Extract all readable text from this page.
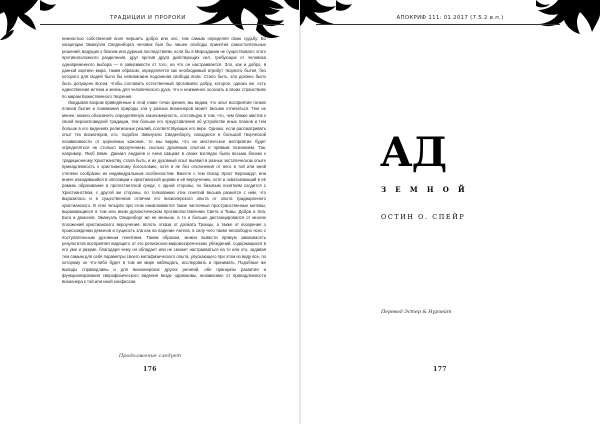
ТРАДИЦИИ И ПРОРОКИ

нежностью собственной воле вершить добро или зло, тем самым определяя свою судьбу. Во концепции Эмануэля Сведенборга человек был бы лишен свободы принятия самостоятельных решений, ведущих к благим или дурным последствиям, если бы в Мироздании не существовало этого противоположного разделения, друг против друга действующих сил, требующих от человека одновременного выбора — в зависимости от того, на что он настраивается. Зло, как и добро, в данной картине мира, таким образом, определяется как необходимый атрибут творного бытия, без которого для людей было бы невозможна подлинная свобода воли. Стало быть, зло должно было быть допущено Богом, чтобы составить естественный противовес добру, которое, однако же, есть единственная истина и жизнь для человеческого духа, что и неизменно осознать в своих странствиях по мирам Божественного творения.

Окидывая взором приведённые в этой главе точки зрения, мы видим, что опыт восприятия тонких планов бытия и понимания природы зла у разных визионеров может весьма отличаться. Тем не менее, можно обозначить определённую закономерность, состоящую в том, что, чем ближе мистик к своей вероисповедной традиции, тем больше его представления об устройстве иных планов и тем больше в его видениях религиозных реалий, соответствующих его вере. Однако, если рассматривать опыт тех визионеров, кто, подобно Эмануэлю Сведенборгу, находился в большой творческой независимости от церковных канонов, то мы видим, что их мистическое восприятие будет определяться не столько вероучением, сколько духовным опытом и прямым познанием. Так, например, Якоб Бёме, Даниил Андреев и Анна Шацкая в своих взглядах были весьма близки к традиционному Христианству, стала быть, и их духовный опыт выявил в разных экстатическом опыте принадлежность к христианскому богословию, хотя и не без отклонения от него в той или иной степени сообразно их индивидуальным особенностям. Вместе с тем Оскар Эрнст Бернхардт, или иначе находившийся в оппозиции к христианской церкви и её вероучению, хотя и охватывающий в её рамках образование в протестантской среде, с одной стороны, по базовым понятиям сходится с Христианством, с другой же стороны, по толкованию этих понятий весьма разнится с ним, что выразилось и в существенном отличии его визионерского опыта от опыта традиционного христианского. В этих четырёх при этом накапливается такие частичные пространственные мотивы, выражающиеся в том или ином дуалистическом противопоставлении Света и Тьмы, Добра и Зла, Бога и демонов. Эмануэль Сведенборг же не меньше, а то и больше дистанцировался от многих положений христианского вероучения, вплоть отказа от догмата Троицы, а также от воззрения о происхождении демонов и сущность зла как на падение Ангела, в силу чего также несвободно ясно с поступательным духовным понятием. Таким образом, можно вывести прямую зависимость результатов восприятия видящего от его религиозно-мировоззренческих убеждений, содержащихся в его уме и разуме, благодаря чему он обладает или не сможет настраиваться на то или это, задавая тем самым для себя параметры своего метафизического опыта, упускающего при этом из виду все, по которому он что-либо будет в том же мире наблюдать, исследовать и принимать. Подобные же выводы справедливы и для визионерских других религий, обе принципы развития и функционирования сверхфизического видения везде одинаковы, независимо от принадлежности визионера к той или иной конфессии.

Продолжение следует
176
АПОКРИФ 111: 01.2017 (7.5.2 в.п.)
АД
З Е М Н О Й
ОСТИН О. СПЕЙР
Перевод Эстер & Нурзейт
177
